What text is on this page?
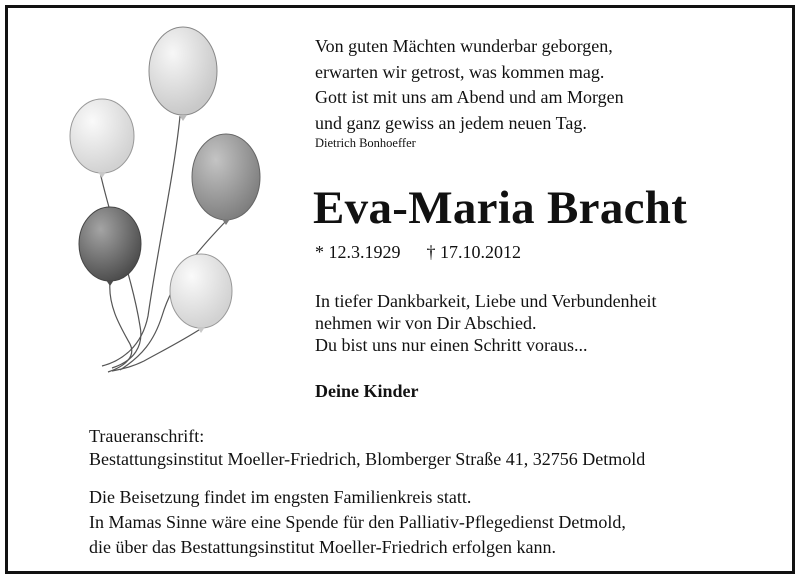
Von guten Mächten wunderbar geborgen,
erwarten wir getrost, was kommen mag.
Gott ist mit uns am Abend und am Morgen
und ganz gewiss an jedem neuen Tag.
Dietrich Bonhoeffer
Eva-Maria Bracht
* 12.3.1929 † 17.10.2012
In tiefer Dankbarkeit, Liebe und Verbundenheit
nehmen wir von Dir Abschied.
Du bist uns nur einen Schritt voraus...
Deine Kinder
Traueranschrift:
Bestattungsinstitut Moeller-Friedrich, Blomberger Straße 41, 32756 Detmold
Die Beisetzung findet im engsten Familienkreis statt.
In Mamas Sinne wäre eine Spende für den Palliativ-Pflegedienst Detmold,
die über das Bestattungsinstitut Moeller-Friedrich erfolgen kann.
